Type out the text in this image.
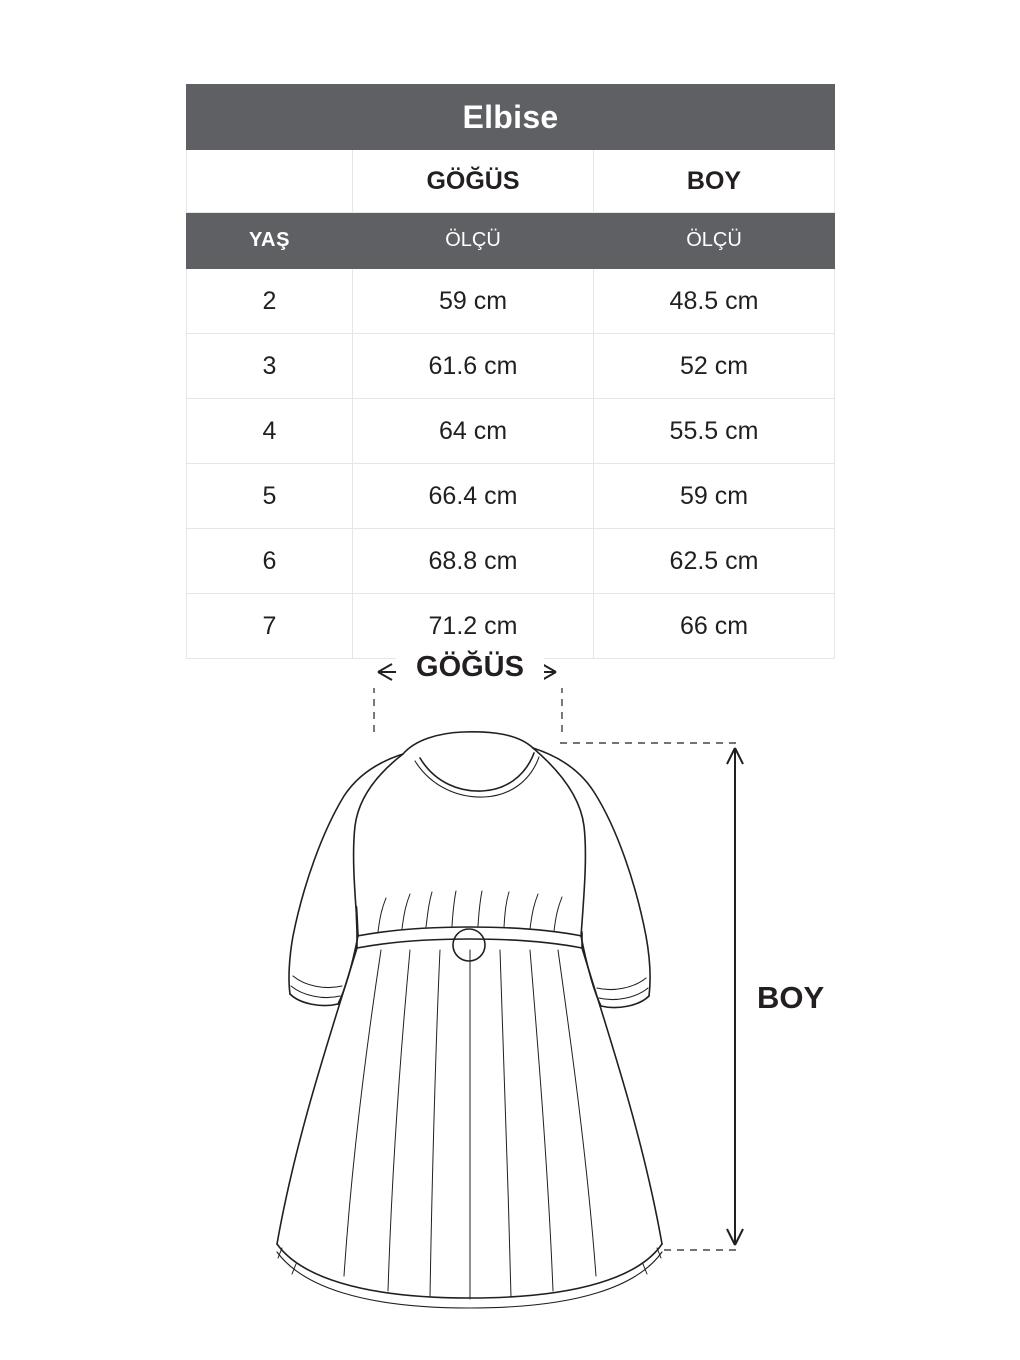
Elbise		
	GÖĞÜS	BOY
YAŞ	ÖLÇÜ	ÖLÇÜ
2	59 cm	48.5 cm
3	61.6 cm	52 cm
4	64 cm	55.5 cm
5	66.4 cm	59 cm
6	68.8 cm	62.5 cm
7	71.2 cm	66 cm
GÖĞÜS
BOY
